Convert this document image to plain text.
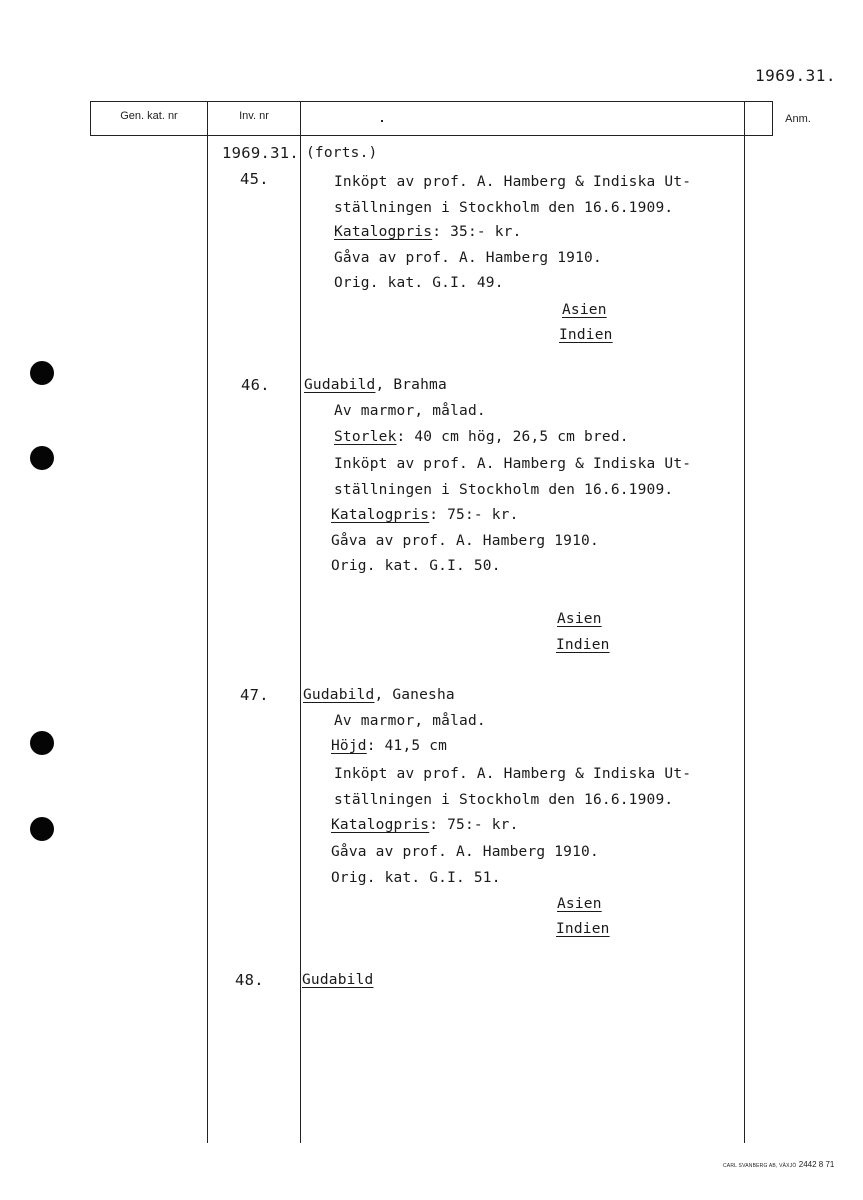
1969.31.
Gen. kat. nr	Inv. nr	Anm.
1969.31. (forts.)
45.	Inköpt av prof. A. Hamberg & Indiska Ut-
ställningen i Stockholm den 16.6.1909.
Katalogpris: 35:- kr.
Gåva av prof. A. Hamberg 1910.
Orig. kat. G.I. 49.
Asien
Indien
46. Gudabild, Brahma
Av marmor, målad.
Storlek: 40 cm hög, 26,5 cm bred.
Inköpt av prof. A. Hamberg & Indiska Ut-
ställningen i Stockholm den 16.6.1909.
Katalogpris: 75:- kr.
Gåva av prof. A. Hamberg 1910.
Orig. kat. G.I. 50.
Asien
Indien
47. Gudabild, Ganesha
Av marmor, målad.
Höjd: 41,5 cm
Inköpt av prof. A. Hamberg & Indiska Ut-
ställningen i Stockholm den 16.6.1909.
Katalogpris: 75:- kr.
Gåva av prof. A. Hamberg 1910.
Orig. kat. G.I. 51.
Asien
Indien
48.	Gudabild
CARL SVANBERG AB, VÄXJÖ 2442 8 71
